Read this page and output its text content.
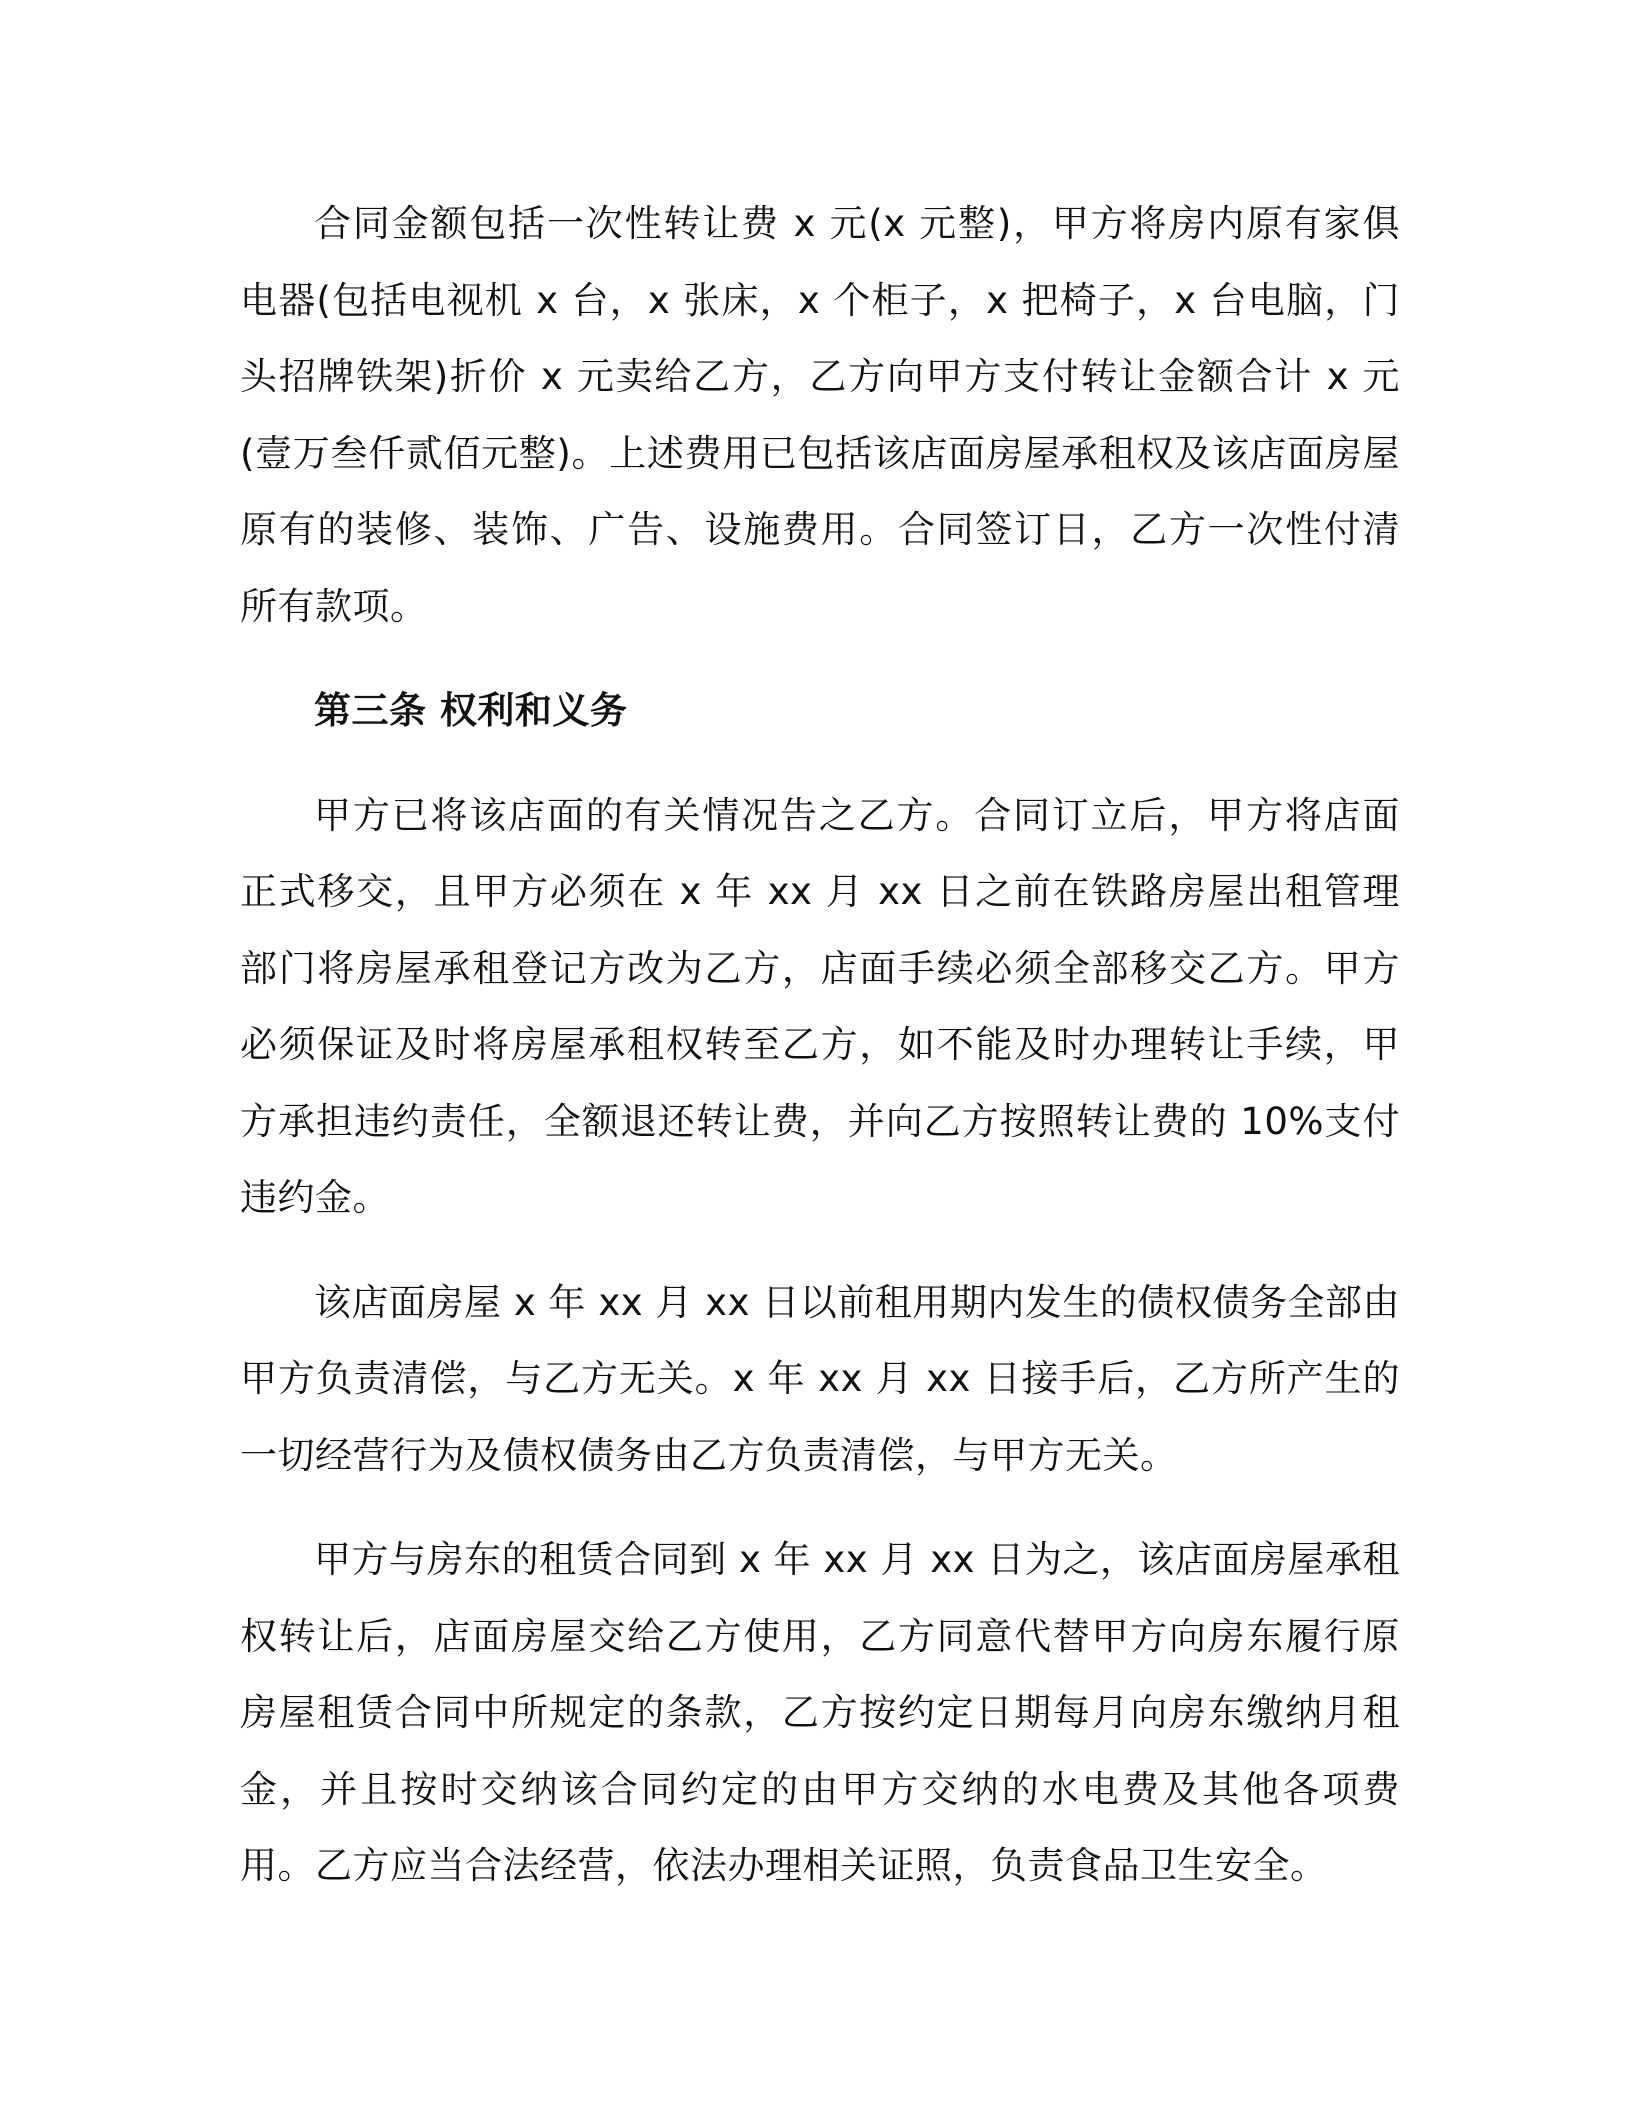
合同金额包括一次性转让费 x 元(x 元整)，甲方将房内原有家俱电器(包括电视机 x 台，x 张床，x 个柜子，x 把椅子，x 台电脑，门头招牌铁架)折价 x 元卖给乙方，乙方向甲方支付转让金额合计 x 元(壹万叁仟贰佰元整)。上述费用已包括该店面房屋承租权及该店面房屋原有的装修、装饰、广告、设施费用。合同签订日，乙方一次性付清所有款项。

第三条 权利和义务

甲方已将该店面的有关情况告之乙方。合同订立后，甲方将店面正式移交，且甲方必须在 x 年 xx 月 xx 日之前在铁路房屋出租管理部门将房屋承租登记方改为乙方，店面手续必须全部移交乙方。甲方必须保证及时将房屋承租权转至乙方，如不能及时办理转让手续，甲方承担违约责任，全额退还转让费，并向乙方按照转让费的 10%支付违约金。

该店面房屋 x 年 xx 月 xx 日以前租用期内发生的债权债务全部由甲方负责清偿，与乙方无关。x 年 xx 月 xx 日接手后，乙方所产生的一切经营行为及债权债务由乙方负责清偿，与甲方无关。

甲方与房东的租赁合同到 x 年 xx 月 xx 日为之，该店面房屋承租权转让后，店面房屋交给乙方使用，乙方同意代替甲方向房东履行原房屋租赁合同中所规定的条款，乙方按约定日期每月向房东缴纳月租金，并且按时交纳该合同约定的由甲方交纳的水电费及其他各项费用。乙方应当合法经营，依法办理相关证照，负责食品卫生安全。
